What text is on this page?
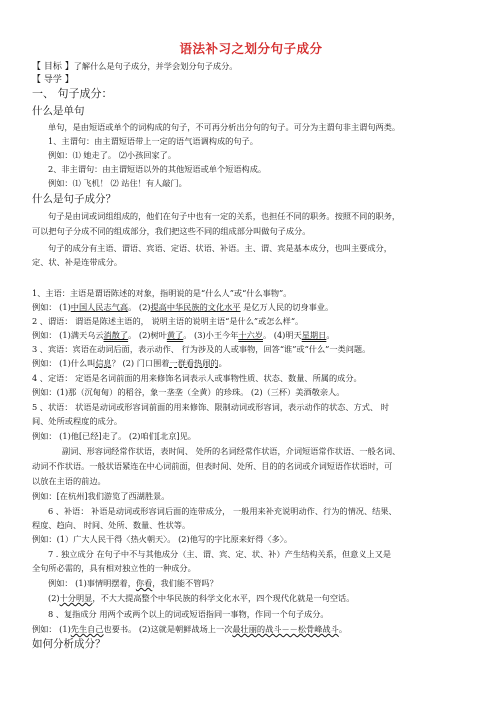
语法补习之划分句子成分
【 目标 】了解什么是句子成分，并学会划分句子成分。
【 导学 】
一、 句子成分：
什么是单句
单句，是由短语或单个的词构成的句子，不可再分析出分句的句子。可分为主谓句非主谓句两类。
1、主谓句：由主谓短语带上一定的语气语调构成的句子。
例如：⑴ 她走了。 ⑵小孩回家了。
2、非主谓句：由主谓短语以外的其他短语或单个短语构成。
例如：⑴ 飞机！ ⑵ 站住！有人敲门。
什么是句子成分？
句子是由词或词组组成的，他们在句子中也有一定的关系，也担任不同的职务。按照不同的职务，
可以把句子分成不同的组成部分，我们把这些不同的组成部分叫做句子成分。
句子的成分有主语、谓语、宾语、定语、状语、补语。主、谓、宾是基本成分，也叫主要成分，
定、状、补是连带成分。
1、主语：主语是谓语陈述的对象，指明说的是“什么人”或“什么事物”。
例如： (1)中国人民志气高。 (2)提高中华民族的文化水平 是亿万人民的切身事业。
2 、谓语： 谓语是陈述主语的， 说明主语的说明主语“是什么”或怎么样“。
例如： (1)满天乌云消散了。 (2)树叶黄了。 (3)小王今年十六岁。 (4)明天星期日。
3 、宾语：宾语在动词后面，表示动作、 行为涉及的人或事物，回答“谁”或“什么”一类问题。
例如： (1)什么叫信息？ (2) 门口围着一群看热闹的。
4 、定语： 定语是名词前面的用来修饰名词表示人或事物性质、状态、数量、所属的成分。
例如：(1)那（沉甸甸）的稻谷，象一垄垄（全黄）的珍珠。 (2)（三杯）美酒敬亲人。
5 、状语： 状语是动词或形容词前面的用来修饰、限制动词或形容词，表示动作的状态、方式、 时
间、处所或程度的成分。
例如： (1)他[已经]走了。 (2)咱们[北京]见。
副词、形容词经常作状语，表时间、 处所的名词经常作状语，介词短语常作状语、一般名词、
动词不作状语。一般状语紧连在中心词前面，但表时间、处所、目的的名词或介词短语作状语时，可
以放在主语的前边。
例如：[在杭州]我们游览了西湖胜景。
6 、补语： 补语是动词或形容词后面的连带成分， 一般用来补充说明动作、行为的情况、结果、
程度、趋向、 时间、处所、数量、性状等。
例如：(1）广大人民干得〈热火朝天〉。 (2)他写的字比原来好得〈多〉。
7 . 独立成分 在句子中不与其他成分（主、谓、宾、定、状、补）产生结构关系，但意义上又是
全句所必需的，具有相对独立性的一种成分。
例如： (1)事情明摆着，你看，我们能不管吗？
(2)十分明显，不大大提高整个中华民族的科学文化水平，四个现代化就是一句空话。
8 、复指成分 用两个或两个以上的词或短语指同一事物，作同一个句子成分。
例如： (1)先生自己也要书。 (2)这就是朝鲜战场上一次最壮丽的战斗－－松骨峰战斗。
如何分析成分？
